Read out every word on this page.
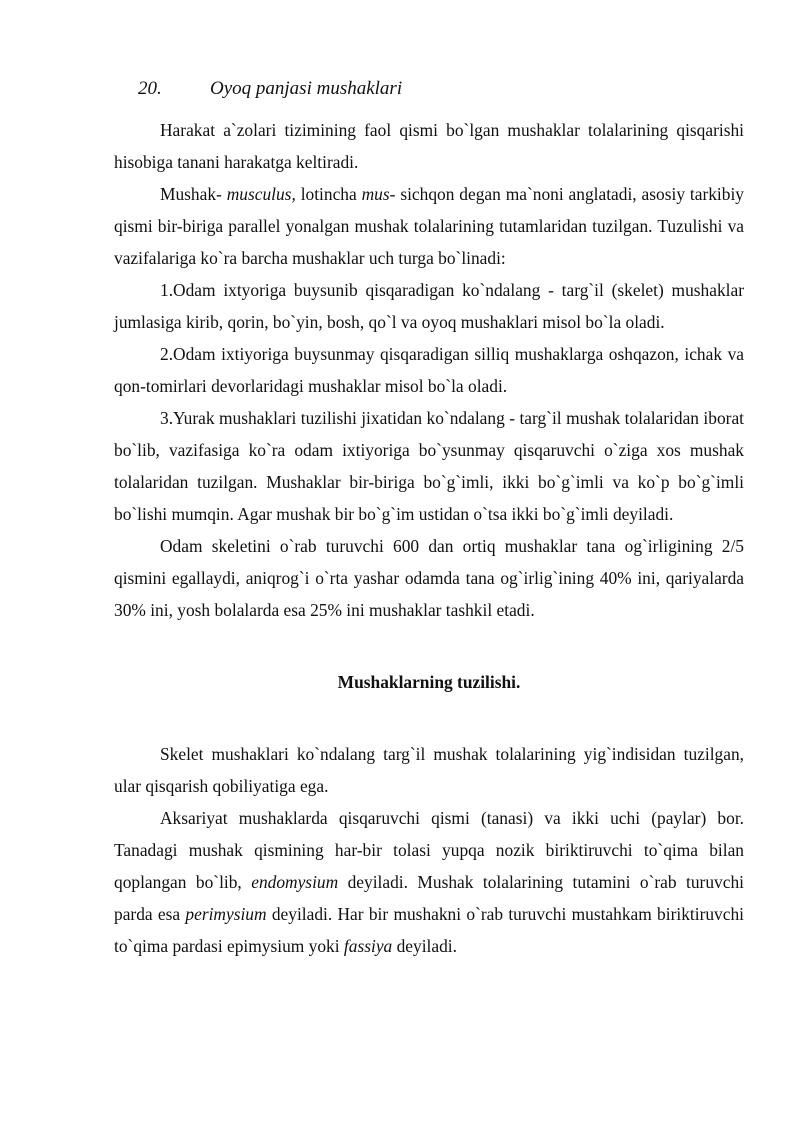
20.	Oyoq panjasi mushaklari

Harakat a`zolari tizimining faol qismi bo`lgan mushaklar tolalarining qisqarishi hisobiga tanani harakatga keltiradi.

Mushak- musculus, lotincha mus- sichqon degan ma`noni anglatadi, asosiy tarkibiy qismi bir-biriga parallel yonalgan mushak tolalarining tutamlaridan tuzilgan. Tuzulishi va vazifalariga ko`ra barcha mushaklar uch turga bo`linadi:

1.Odam ixtyoriga buysunib qisqaradigan ko`ndalang - targ`il (skelet) mushaklar jumlasiga kirib, qorin, bo`yin, bosh, qo`l va oyoq mushaklari misol bo`la oladi.

2.Odam ixtiyoriga buysunmay qisqaradigan silliq mushaklarga oshqazon, ichak va qon-tomirlari devorlaridagi mushaklar misol bo`la oladi.

3.Yurak mushaklari tuzilishi jixatidan ko`ndalang - targ`il mushak tolalaridan iborat bo`lib, vazifasiga ko`ra odam ixtiyoriga bo`ysunmay qisqaruvchi o`ziga xos mushak tolalaridan tuzilgan. Mushaklar bir-biriga bo`g`imli, ikki bo`g`imli va ko`p bo`g`imli bo`lishi mumqin. Agar mushak bir bo`g`im ustidan o`tsa ikki bo`g`imli deyiladi.

Odam skeletini o`rab turuvchi 600 dan ortiq mushaklar tana og`irligining 2/5 qismini egallaydi, aniqrog`i o`rta yashar odamda tana og`irlig`ining 40% ini, qariyalarda 30% ini, yosh bolalarda esa 25% ini mushaklar tashkil etadi.

Mushaklarning tuzilishi.

Skelet mushaklari ko`ndalang targ`il mushak tolalarining yig`indisidan tuzilgan, ular qisqarish qobiliyatiga ega.

Aksariyat mushaklarda qisqaruvchi qismi (tanasi) va ikki uchi (paylar) bor. Tanadagi mushak qismining har-bir tolasi yupqa nozik biriktiruvchi to`qima bilan qoplangan bo`lib, endomysium deyiladi. Mushak tolalarining tutamini o`rab turuvchi parda esa perimysium deyiladi. Har bir mushakni o`rab turuvchi mustahkam biriktiruvchi to`qima pardasi epimysium yoki fassiya deyiladi.
